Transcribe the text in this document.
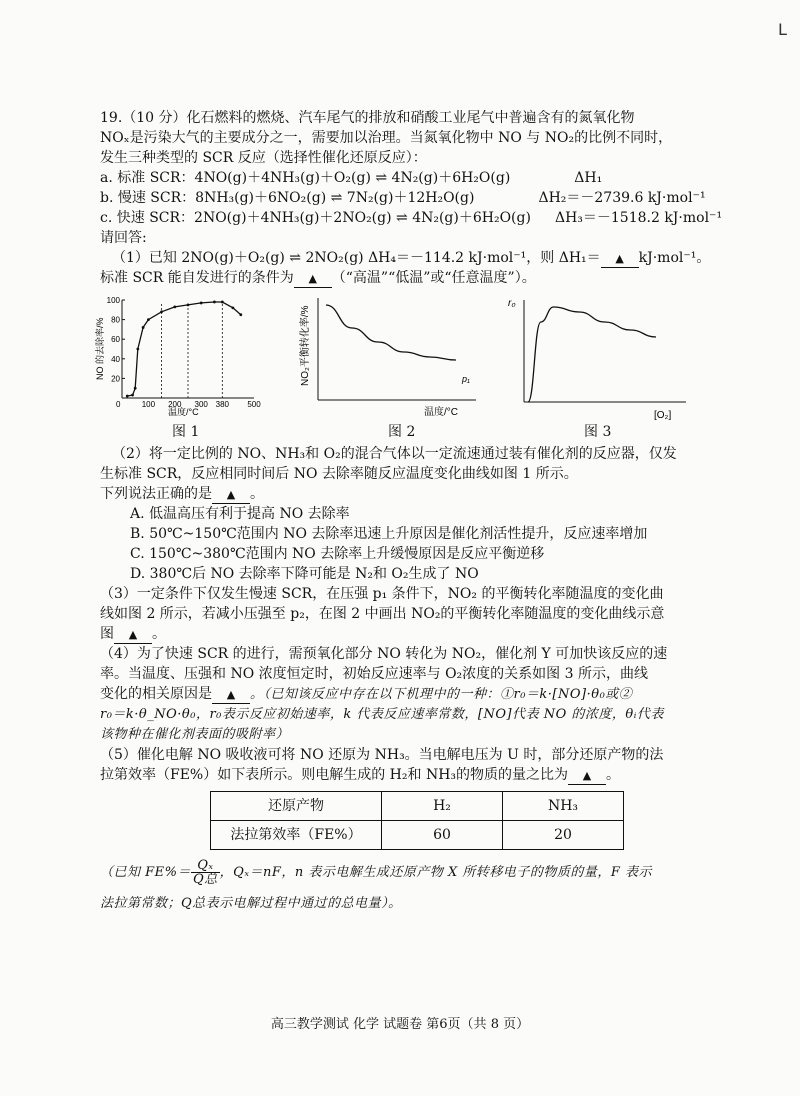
L
19.（10 分）化石燃料的燃烧、汽车尾气的排放和硝酸工业尾气中普遍含有的氮氧化物
NOₓ是污染大气的主要成分之一，需要加以治理。当氮氧化物中 NO 与 NO₂的比例不同时，
发生三种类型的 SCR 反应（选择性催化还原反应）：
a. 标准 SCR：4NO(g)＋4NH₃(g)＋O₂(g) ⇌ 4N₂(g)＋6H₂O(g)	ΔH₁
b. 慢速 SCR：8NH₃(g)＋6NO₂(g) ⇌ 7N₂(g)＋12H₂O(g)	ΔH₂＝－2739.6 kJ·mol⁻¹
c. 快速 SCR：2NO(g)＋4NH₃(g)＋2NO₂(g) ⇌ 4N₂(g)＋6H₂O(g) ΔH₃＝－1518.2 kJ·mol⁻¹
请回答:
（1）已知 2NO(g)＋O₂(g) ⇌ 2NO₂(g) ΔH₄＝－114.2 kJ·mol⁻¹，则 ΔH₁＝ ▲ kJ·mol⁻¹。
标准 SCR 能自发进行的条件为 ▲ （“高温”“低温”或“任意温度”）。
100
80
60
40
20
100 200 300 380 500
0
NO 的去除率/%
温度/°C
p₁
NO₂平衡转化率/%
温度/°C
r₀
[O₂]
图 1	图 2	图 3
（2）将一定比例的 NO、NH₃和 O₂的混合气体以一定流速通过装有催化剂的反应器，仅发
生标准 SCR，反应相同时间后 NO 去除率随反应温度变化曲线如图 1 所示。
下列说法正确的是 ▲ 。
A. 低温高压有利于提高 NO 去除率
B. 50℃~150℃范围内 NO 去除率迅速上升原因是催化剂活性提升，反应速率增加
C. 150℃~380℃范围内 NO 去除率上升缓慢原因是反应平衡逆移
D. 380℃后 NO 去除率下降可能是 N₂和 O₂生成了 NO
（3）一定条件下仅发生慢速 SCR，在压强 p₁ 条件下，NO₂ 的平衡转化率随温度的变化曲
线如图 2 所示，若减小压强至 p₂，在图 2 中画出 NO₂的平衡转化率随温度的变化曲线示意
图 ▲ 。
（4）为了快速 SCR 的进行，需预氧化部分 NO 转化为 NO₂，催化剂 Y 可加快该反应的速
率。当温度、压强和 NO 浓度恒定时，初始反应速率与 O₂浓度的关系如图 3 所示，曲线
变化的相关原因是 ▲ 。（已知该反应中存在以下机理中的一种：①r₀＝k·[NO]·θ₀或②
r₀＝k·θ_NO·θ₀，r₀表示反应初始速率，k 代表反应速率常数，[NO]代表 NO 的浓度，θᵢ代表
该物种在催化剂表面的吸附率）
（5）催化电解 NO 吸收液可将 NO 还原为 NH₃。当电解电压为 U 时，部分还原产物的法
拉第效率（FE%）如下表所示。则电解生成的 H₂和 NH₃的物质的量之比为 ▲ 。
还原产物	H₂	NH₃
法拉第效率（FE%）	60	20
（已知 $FE\%= \frac{\text{Qₓ}}{\text{Q总}}$ ，Qₓ＝nF，n 表示电解生成还原产物 X 所转移电子的物质的量，F 表示
法拉第常数；Q总表示电解过程中通过的总电量）。
高三教学测试 化学 试题卷 第6页（共 8 页）
